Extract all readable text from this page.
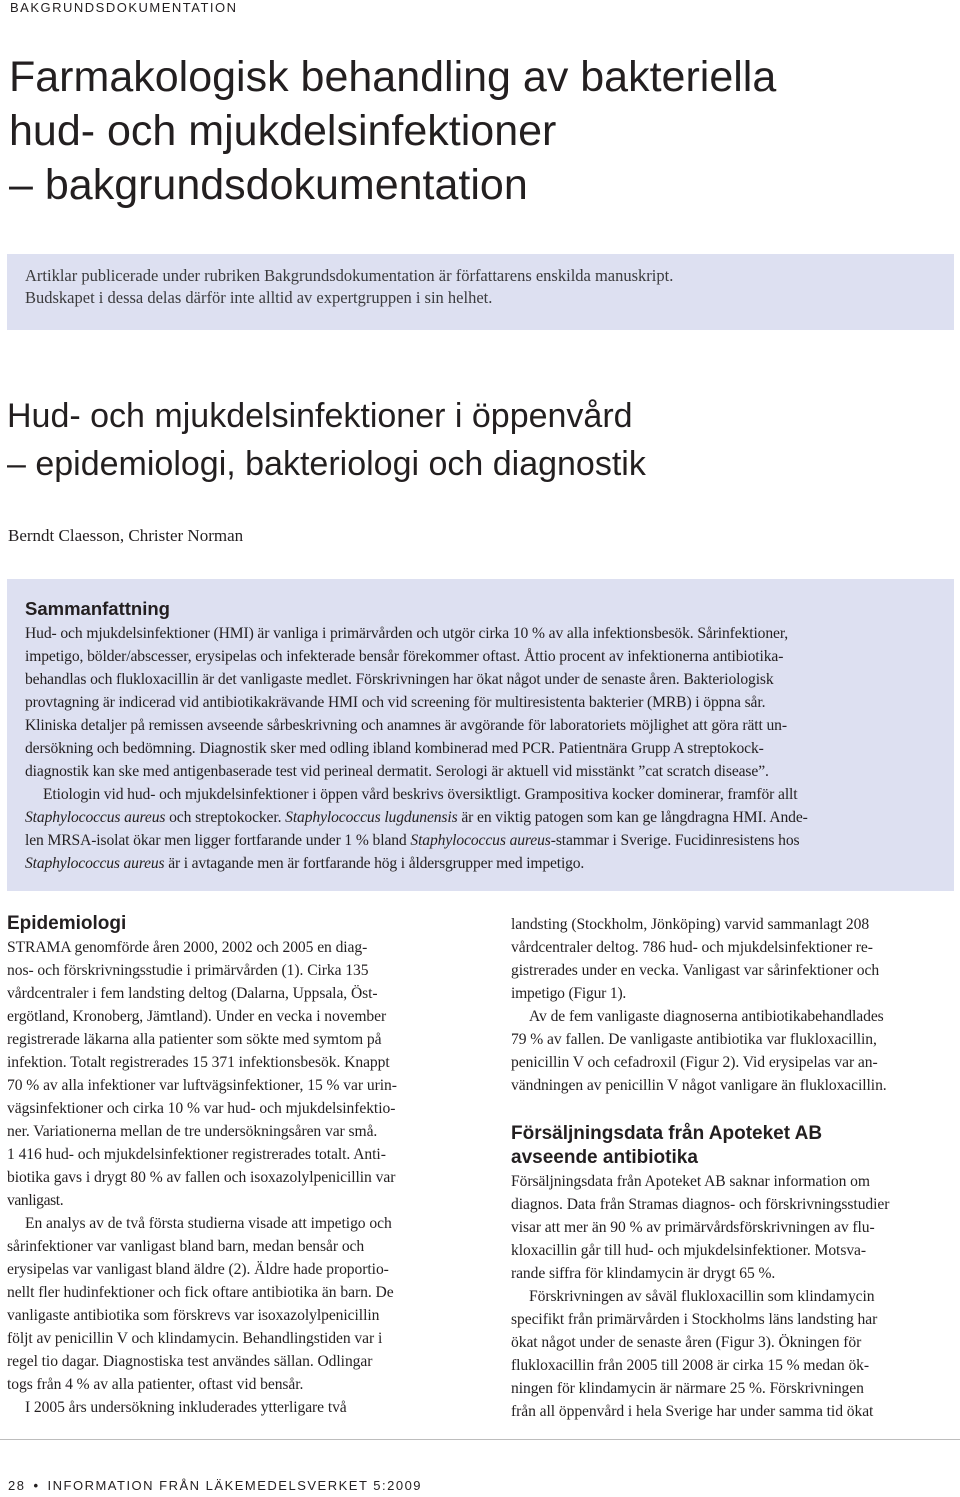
BAKGRUNDSDOKUMENTATION
Farmakologisk behandling av bakteriella
hud- och mjukdelsinfektioner
– bakgrundsdokumentation
Artiklar publicerade under rubriken Bakgrundsdokumentation är författarens enskilda manuskript.
Budskapet i dessa delas därför inte alltid av expertgruppen i sin helhet.
Hud- och mjukdelsinfektioner i öppenvård
– epidemiologi, bakteriologi och diagnostik
Berndt Claesson, Christer Norman
Sammanfattning
Hud- och mjukdelsinfektioner (HMI) är vanliga i primärvården och utgör cirka 10 % av alla infektionsbesök. Sårinfektioner,
impetigo, bölder/abscesser, erysipelas och infekterade bensår förekommer oftast. Åttio procent av infektionerna antibiotika-
behandlas och flukloxacillin är det vanligaste medlet. Förskrivningen har ökat något under de senaste åren. Bakteriologisk
provtagning är indicerad vid antibiotikakrävande HMI och vid screening för multiresistenta bakterier (MRB) i öppna sår.
Kliniska detaljer på remissen avseende sårbeskrivning och anamnes är avgörande för laboratoriets möjlighet att göra rätt un-
dersökning och bedömning. Diagnostik sker med odling ibland kombinerad med PCR. Patientnära Grupp A streptokock-
diagnostik kan ske med antigenbaserade test vid perineal dermatit. Serologi är aktuell vid misstänkt ”cat scratch disease”.
Etiologin vid hud- och mjukdelsinfektioner i öppen vård beskrivs översiktligt. Grampositiva kocker dominerar, framför allt
Staphylococcus aureus och streptokocker. Staphylococcus lugdunensis är en viktig patogen som kan ge långdragna HMI. Ande-
len MRSA-isolat ökar men ligger fortfarande under 1 % bland Staphylococcus aureus-stammar i Sverige. Fucidinresistens hos
Staphylococcus aureus är i avtagande men är fortfarande hög i åldersgrupper med impetigo.
Epidemiologi
STRAMA genomförde åren 2000, 2002 och 2005 en diag-
nos- och förskrivningsstudie i primärvården (1). Cirka 135
vårdcentraler i fem landsting deltog (Dalarna, Uppsala, Öst-
ergötland, Kronoberg, Jämtland). Under en vecka i november
registrerade läkarna alla patienter som sökte med symtom på
infektion. Totalt registrerades 15 371 infektionsbesök. Knappt
70 % av alla infektioner var luftvägsinfektioner, 15 % var urin-
vägsinfektioner och cirka 10 % var hud- och mjukdelsinfektio-
ner. Variationerna mellan de tre undersökningsåren var små.
1 416 hud- och mjukdelsinfektioner registrerades totalt. Anti-
biotika gavs i drygt 80 % av fallen och isoxazolylpenicillin var
vanligast.
En analys av de två första studierna visade att impetigo och
sårinfektioner var vanligast bland barn, medan bensår och
erysipelas var vanligast bland äldre (2). Äldre hade proportio-
nellt fler hudinfektioner och fick oftare antibiotika än barn. De
vanligaste antibiotika som förskrevs var isoxazolylpenicillin
följt av penicillin V och klindamycin. Behandlingstiden var i
regel tio dagar. Diagnostiska test användes sällan. Odlingar
togs från 4 % av alla patienter, oftast vid bensår.
I 2005 års undersökning inkluderades ytterligare två
landsting (Stockholm, Jönköping) varvid sammanlagt 208
vårdcentraler deltog. 786 hud- och mjukdelsinfektioner re-
gistrerades under en vecka. Vanligast var sårinfektioner och
impetigo (Figur 1).
Av de fem vanligaste diagnoserna antibiotikabehandlades
79 % av fallen. De vanligaste antibiotika var flukloxacillin,
penicillin V och cefadroxil (Figur 2). Vid erysipelas var an-
vändningen av penicillin V något vanligare än flukloxacillin.
Försäljningsdata från Apoteket AB
avseende antibiotika
Försäljningsdata från Apoteket AB saknar information om
diagnos. Data från Stramas diagnos- och förskrivningsstudier
visar att mer än 90 % av primärvårdsförskrivningen av flu-
kloxacillin går till hud- och mjukdelsinfektioner. Motsva-
rande siffra för klindamycin är drygt 65 %.
Förskrivningen av såväl flukloxacillin som klindamycin
specifikt från primärvården i Stockholms läns landsting har
ökat något under de senaste åren (Figur 3). Ökningen för
flukloxacillin från 2005 till 2008 är cirka 15 % medan ök-
ningen för klindamycin är närmare 25 %. Förskrivningen
från all öppenvård i hela Sverige har under samma tid ökat
28 • INFORMATION FRÅN LÄKEMEDELSVERKET 5:2009
